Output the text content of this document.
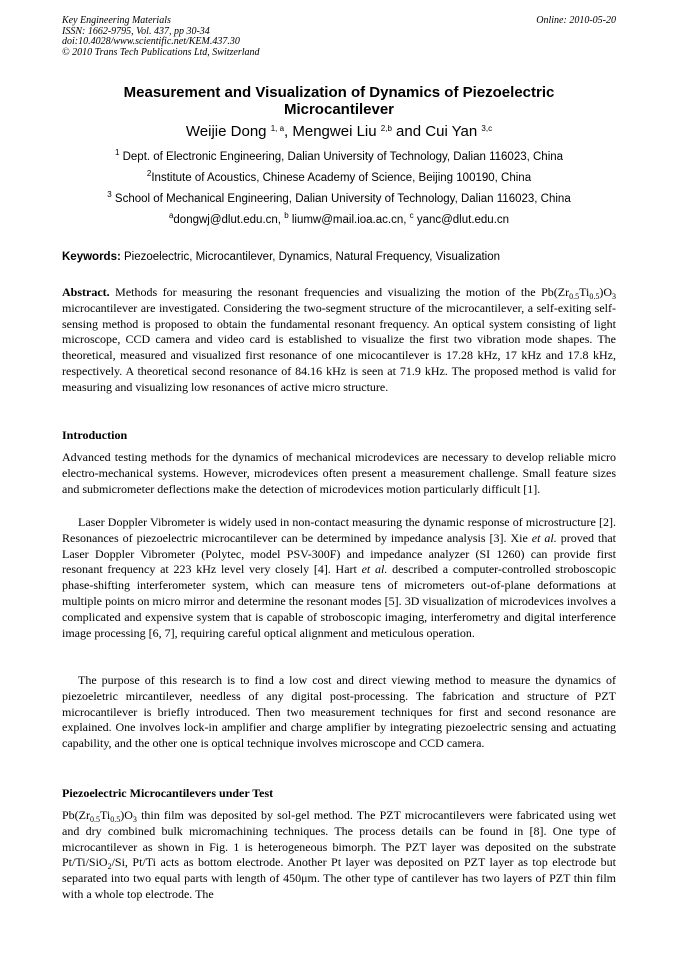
Key Engineering Materials
ISSN: 1662-9795, Vol. 437, pp 30-34
doi:10.4028/www.scientific.net/KEM.437.30
© 2010 Trans Tech Publications Ltd, Switzerland
Online: 2010-05-20
Measurement and Visualization of Dynamics of Piezoelectric
Microcantilever
Weijie Dong $^{1, a}$, Mengwei Liu $^{2,b}$ and Cui Yan $^{3,c}$
$^1$ Dept. of Electronic Engineering, Dalian University of Technology, Dalian 116023, China
$^2$Institute of Acoustics, Chinese Academy of Science, Beijing 100190, China
$^3$ School of Mechanical Engineering, Dalian University of Technology, Dalian 116023, China
$^a$dongwj@dlut.edu.cn, $^b$ liumw@mail.ioa.ac.cn, $^c$ yanc@dlut.edu.cn
Keywords: Piezoelectric, Microcantilever, Dynamics, Natural Frequency, Visualization

Abstract. Methods for measuring the resonant frequencies and visualizing the motion of the $Pb(Zr_{0.5}Ti_{0.5})O_3$ microcantilever are investigated. Considering the two-segment structure of the microcantilever, a self-exiting self-sensing method is proposed to obtain the fundamental resonant frequency. An optical system consisting of light microscope, CCD camera and video card is established to visualize the first two vibration mode shapes. The theoretical, measured and visualized first resonance of one micocantilever is 17.28 kHz, 17 kHz and 17.8 kHz, respectively. A theoretical second resonance of 84.16 kHz is seen at 71.9 kHz. The proposed method is valid for measuring and visualizing low resonances of active micro structure.

Introduction

Advanced testing methods for the dynamics of mechanical microdevices are necessary to develop reliable micro electro-mechanical systems. However, microdevices often present a measurement challenge. Small feature sizes and submicrometer deflections make the detection of microdevices motion particularly difficult [1].

Laser Doppler Vibrometer is widely used in non-contact measuring the dynamic response of microstructure [2]. Resonances of piezoelectric microcantilever can be determined by impedance analysis [3]. Xie et al. proved that Laser Doppler Vibrometer (Polytec, model PSV-300F) and impedance analyzer (SI 1260) can provide first resonant frequency at 223 kHz level very closely [4]. Hart et al. described a computer-controlled stroboscopic phase-shifting interferometer system, which can measure tens of micrometers out-of-plane deformations at multiple points on micro mirror and determine the resonant modes [5]. 3D visualization of microdevices involves a complicated and expensive system that is capable of stroboscopic imaging, interferometry and digital interference image processing [6, 7], requiring careful optical alignment and meticulous operation.

The purpose of this research is to find a low cost and direct viewing method to measure the dynamics of piezoeletric mircantilever, needless of any digital post-processing. The fabrication and structure of PZT microcantilever is briefly introduced. Then two measurement techniques for first and second resonance are explained. One involves lock-in amplifier and charge amplifier by integrating piezoelectric sensing and actuating capability, and the other one is optical technique involves microscope and CCD camera.

Piezoelectric Microcantilevers under Test

$Pb(Zr_{0.5}Ti_{0.5})O_3$ thin film was deposited by sol-gel method. The PZT microcantilevers were fabricated using wet and dry combined bulk micromachining techniques. The process details can be found in [8]. One type of microcantilever as shown in Fig. 1 is heterogeneous bimorph. The PZT layer was deposited on the substrate Pt/Ti/SiO$_2$/Si, Pt/Ti acts as bottom electrode. Another Pt layer was deposited on PZT layer as top electrode but separated into two equal parts with length of 450μm. The other type of cantilever has two layers of PZT thin film with a whole top electrode. The
